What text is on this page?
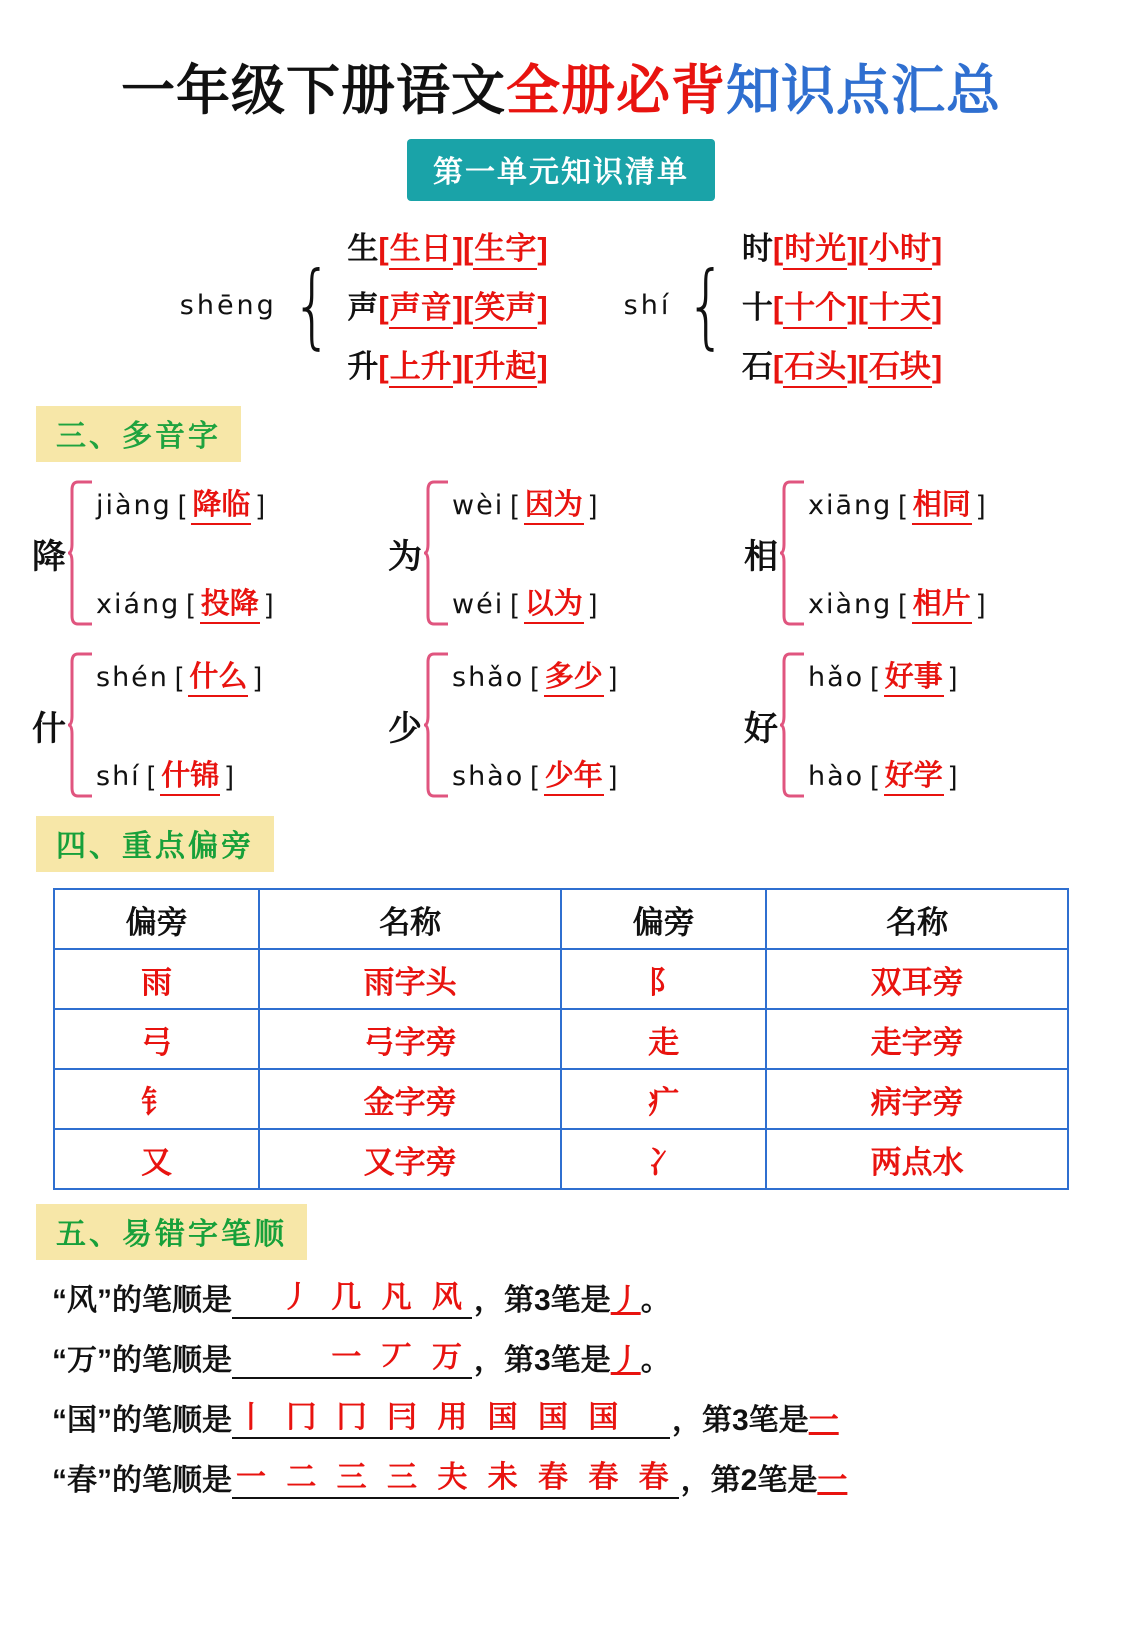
一年级下册语文全册必背知识点汇总
第一单元知识清单
shēng {
生 [ 生日 ] [ 生字 ]
声 [ 声音 ] [ 笑声 ]
升 [ 上升 ] [ 升起 ]
shí {
时 [ 时光 ] [ 小时 ]
十 [ 十个 ] [ 十天 ]
石 [ 石头 ] [ 石块 ]
三、多音字
降
jiàng [ 降临 ]
xiáng [ 投降 ]
为
wèi [ 因为 ]
wéi [ 以为 ]
相
xiāng [ 相同 ]
xiàng [ 相片 ]
什
shén [ 什么 ]
shí [ 什锦 ]
少
shǎo [ 多少 ]
shào [ 少年 ]
好
hǎo [ 好事 ]
hào [ 好学 ]
四、重点偏旁
偏旁	名称	偏旁	名称
雨	雨字头	阝	双耳旁
弓	弓字旁	走	走字旁
钅	金字旁	疒	病字旁
又	又字旁	冫	两点水
五、易错字笔顺
“风”的笔顺是	丿 几 凡 风 ，第3笔是 丿 。
“万”的笔顺是	一 丆 万 ，第3笔是 丿 。
“国”的笔顺是 丨 冂 冂 冃 用 国 国 国	，第3笔是 一
“春”的笔顺是 一 二 三 三 夫 未 春 春 春 ，第2笔是 一
